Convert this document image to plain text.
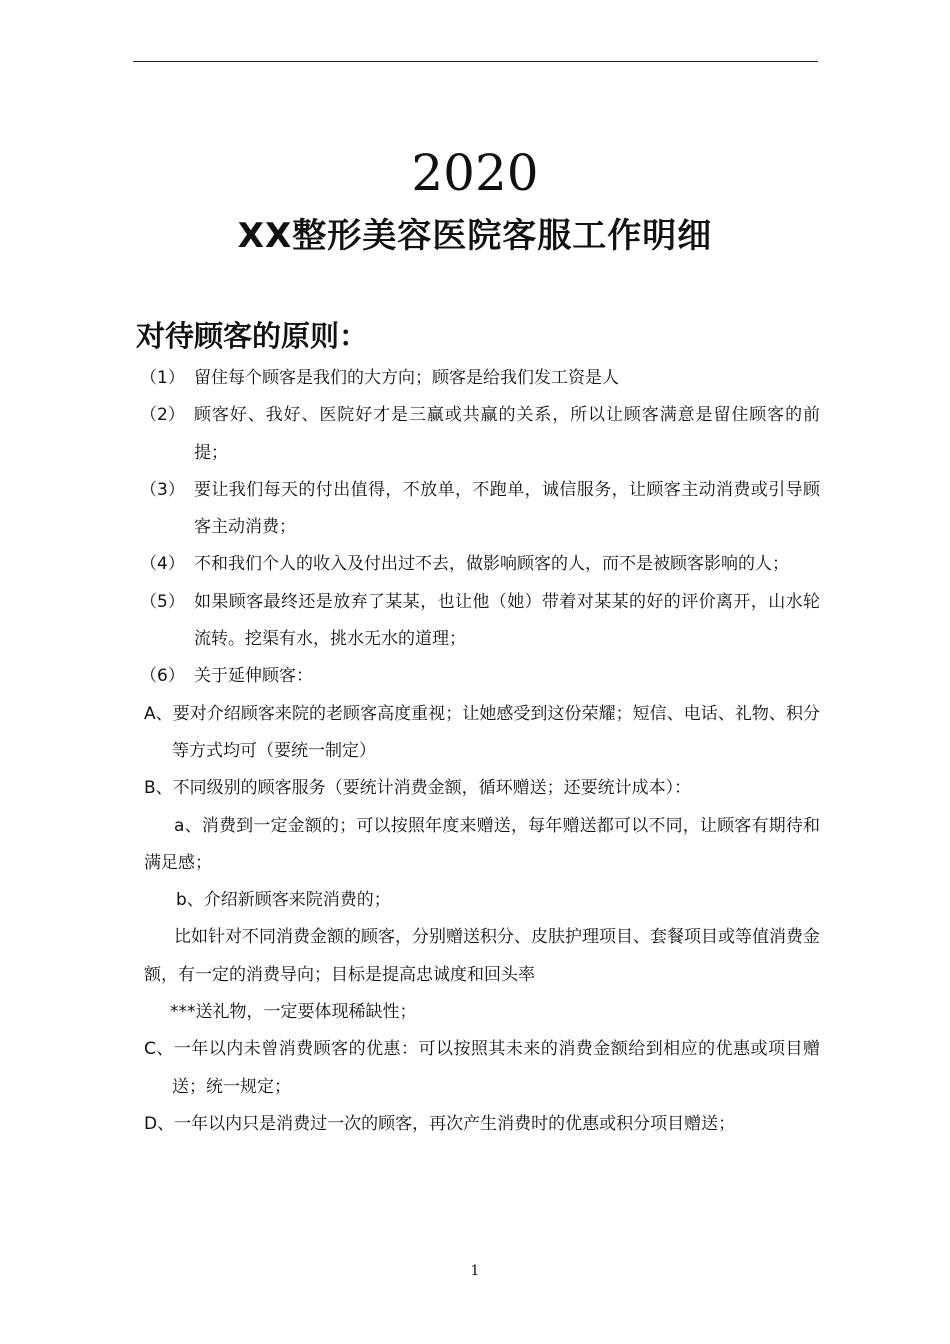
2020
XX整形美容医院客服工作明细
对待顾客的原则：
（1） 留住每个顾客是我们的大方向；顾客是给我们发工资是人
（2） 顾客好、我好、医院好才是三赢或共赢的关系，所以让顾客满意是留住顾客的前提；
（3） 要让我们每天的付出值得，不放单，不跑单，诚信服务，让顾客主动消费或引导顾客主动消费；
（4） 不和我们个人的收入及付出过不去，做影响顾客的人，而不是被顾客影响的人；
（5） 如果顾客最终还是放弃了某某，也让他（她）带着对某某的好的评价离开，山水轮流转。挖渠有水，挑水无水的道理；
（6） 关于延伸顾客：
A、要对介绍顾客来院的老顾客高度重视；让她感受到这份荣耀；短信、电话、礼物、积分等方式均可（要统一制定）
B、不同级别的顾客服务（要统计消费金额，循环赠送；还要统计成本）：
a、消费到一定金额的；可以按照年度来赠送，每年赠送都可以不同，让顾客有期待和满足感；
b、介绍新顾客来院消费的；
比如针对不同消费金额的顾客，分别赠送积分、皮肤护理项目、套餐项目或等值消费金额，有一定的消费导向；目标是提高忠诚度和回头率
***送礼物，一定要体现稀缺性；
C、一年以内未曾消费顾客的优惠：可以按照其未来的消费金额给到相应的优惠或项目赠送；统一规定；
D、一年以内只是消费过一次的顾客，再次产生消费时的优惠或积分项目赠送；
1
